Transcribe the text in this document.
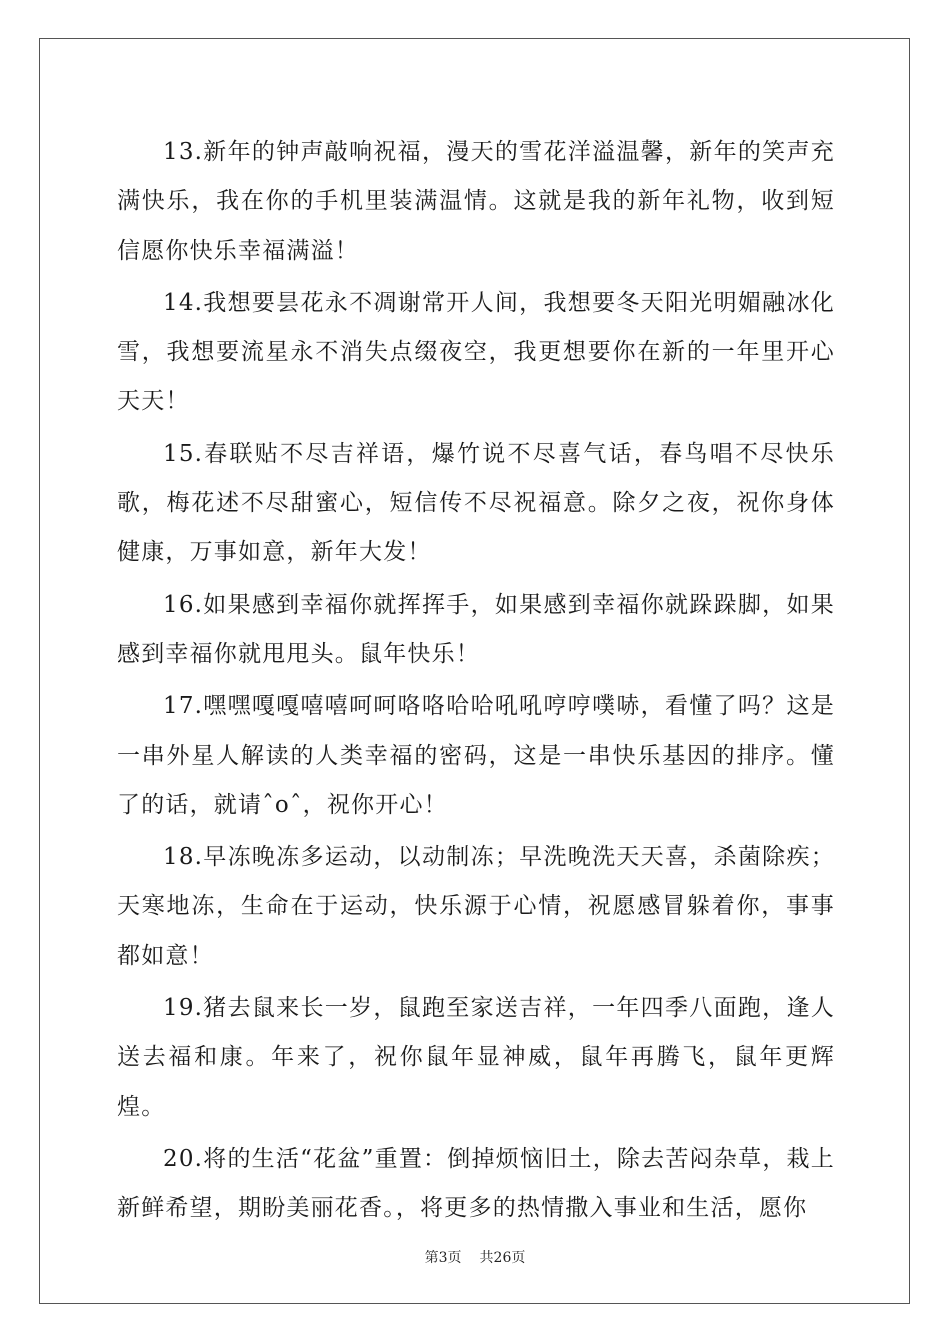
13.新年的钟声敲响祝福，漫天的雪花洋溢温馨，新年的笑声充满快乐，我在你的手机里装满温情。这就是我的新年礼物，收到短信愿你快乐幸福满溢！

14.我想要昙花永不凋谢常开人间，我想要冬天阳光明媚融冰化雪，我想要流星永不消失点缀夜空，我更想要你在新的一年里开心天天！

15.春联贴不尽吉祥语，爆竹说不尽喜气话，春鸟唱不尽快乐歌，梅花述不尽甜蜜心，短信传不尽祝福意。除夕之夜，祝你身体健康，万事如意，新年大发！

16.如果感到幸福你就挥挥手，如果感到幸福你就跺跺脚，如果感到幸福你就甩甩头。鼠年快乐！

17.嘿嘿嘎嘎嘻嘻呵呵咯咯哈哈吼吼哼哼噗哧，看懂了吗？这是一串外星人解读的人类幸福的密码，这是一串快乐基因的排序。懂了的话，就请ˆoˆ，祝你开心！

18.早冻晚冻多运动，以动制冻；早洗晚洗天天喜，杀菌除疾；天寒地冻，生命在于运动，快乐源于心情，祝愿感冒躲着你，事事都如意！

19.猪去鼠来长一岁，鼠跑至家送吉祥，一年四季八面跑，逢人送去福和康。年来了，祝你鼠年显神威，鼠年再腾飞，鼠年更辉煌。

20.将的生活“花盆”重置：倒掉烦恼旧土，除去苦闷杂草，栽上新鲜希望，期盼美丽花香。，将更多的热情撒入事业和生活，愿你

第3页 共26页
